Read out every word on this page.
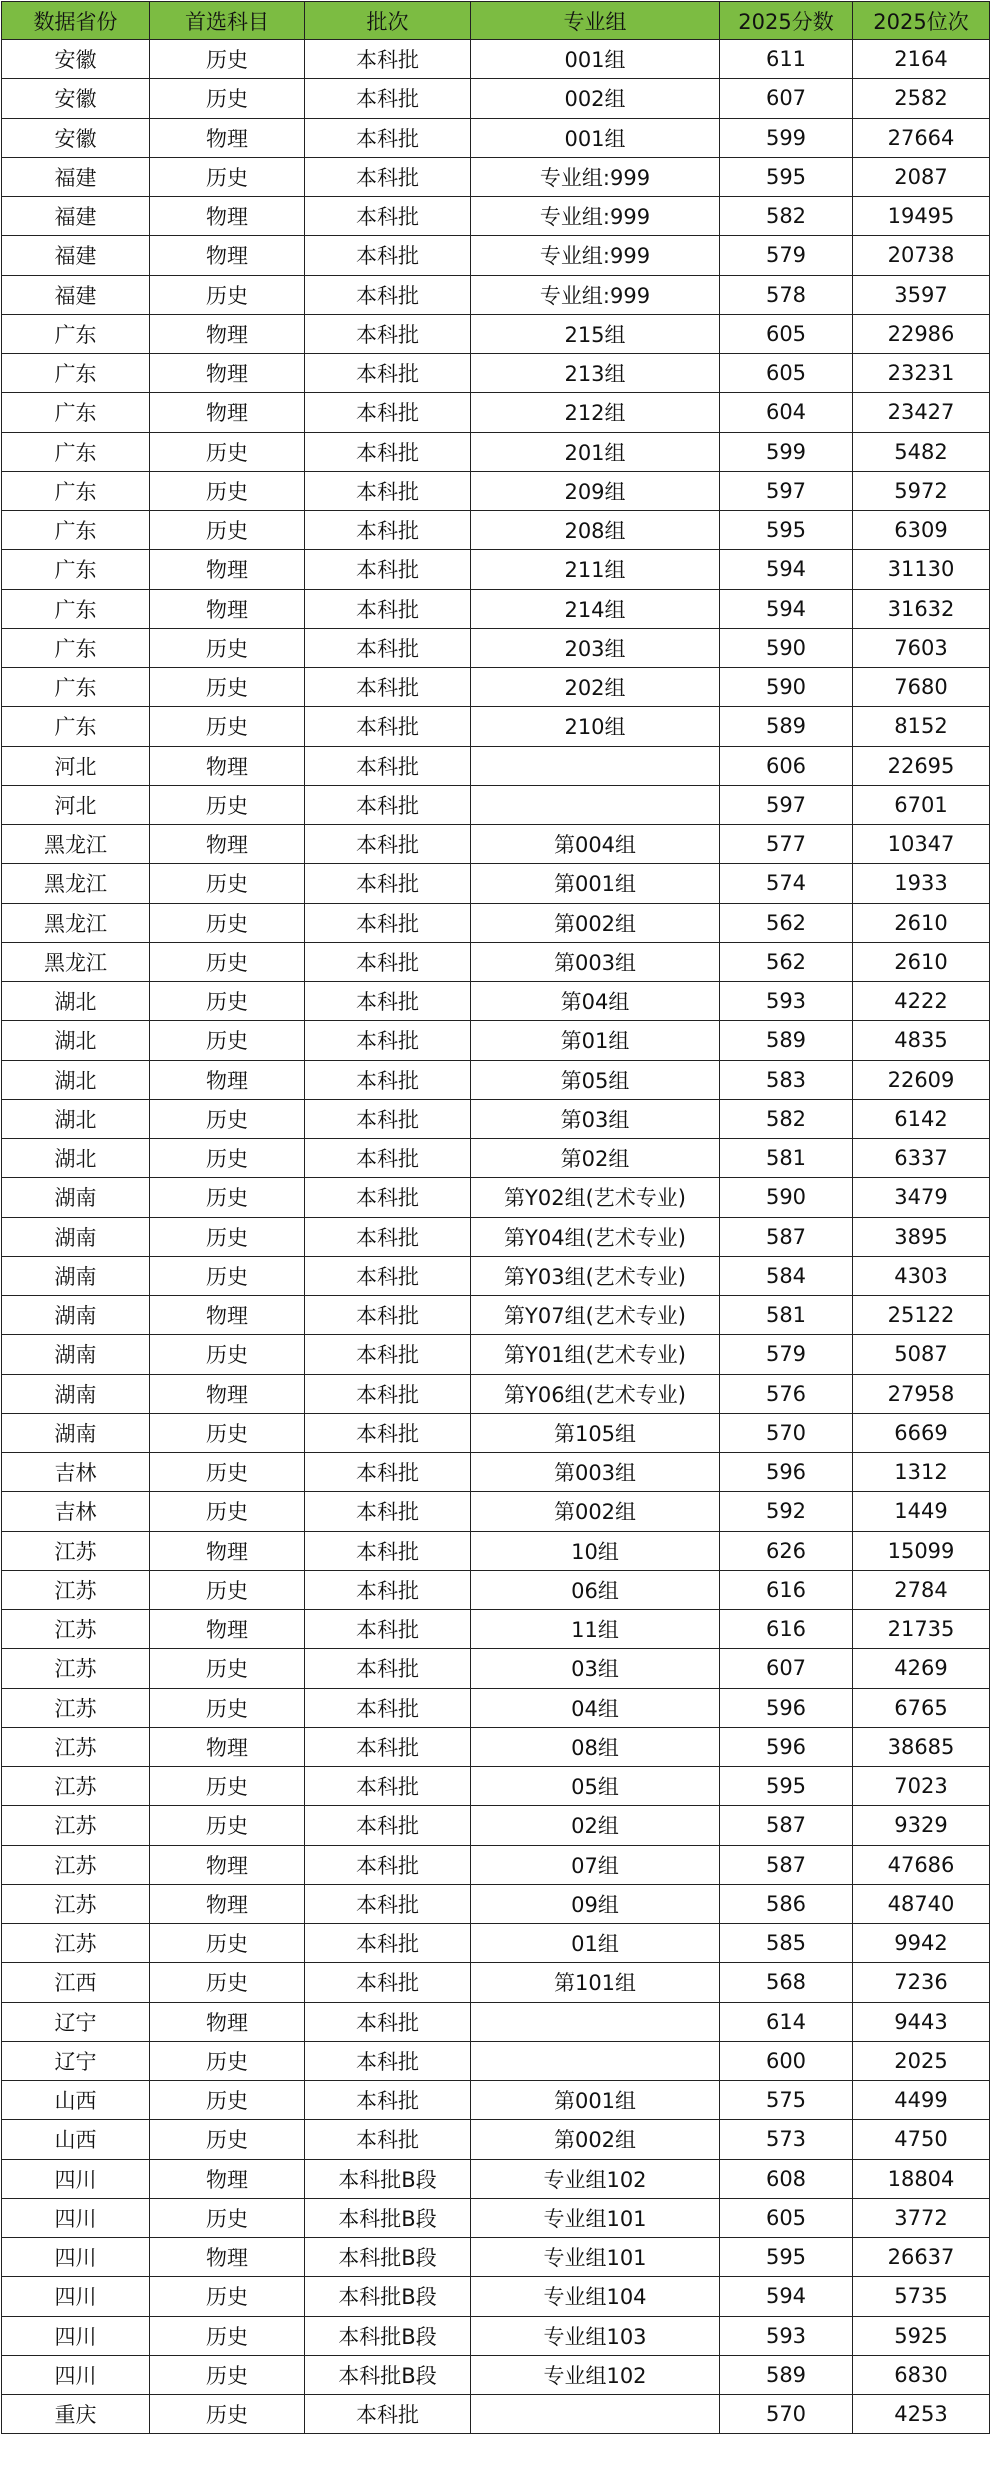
数据省份	首选科目	批次	专业组	2025分数	2025位次
安徽	历史	本科批	001组	611	2164
安徽	历史	本科批	002组	607	2582
安徽	物理	本科批	001组	599	27664
福建	历史	本科批	专业组:999	595	2087
福建	物理	本科批	专业组:999	582	19495
福建	物理	本科批	专业组:999	579	20738
福建	历史	本科批	专业组:999	578	3597
广东	物理	本科批	215组	605	22986
广东	物理	本科批	213组	605	23231
广东	物理	本科批	212组	604	23427
广东	历史	本科批	201组	599	5482
广东	历史	本科批	209组	597	5972
广东	历史	本科批	208组	595	6309
广东	物理	本科批	211组	594	31130
广东	物理	本科批	214组	594	31632
广东	历史	本科批	203组	590	7603
广东	历史	本科批	202组	590	7680
广东	历史	本科批	210组	589	8152
河北	物理	本科批		606	22695
河北	历史	本科批		597	6701
黑龙江	物理	本科批	第004组	577	10347
黑龙江	历史	本科批	第001组	574	1933
黑龙江	历史	本科批	第002组	562	2610
黑龙江	历史	本科批	第003组	562	2610
湖北	历史	本科批	第04组	593	4222
湖北	历史	本科批	第01组	589	4835
湖北	物理	本科批	第05组	583	22609
湖北	历史	本科批	第03组	582	6142
湖北	历史	本科批	第02组	581	6337
湖南	历史	本科批	第Y02组(艺术专业)	590	3479
湖南	历史	本科批	第Y04组(艺术专业)	587	3895
湖南	历史	本科批	第Y03组(艺术专业)	584	4303
湖南	物理	本科批	第Y07组(艺术专业)	581	25122
湖南	历史	本科批	第Y01组(艺术专业)	579	5087
湖南	物理	本科批	第Y06组(艺术专业)	576	27958
湖南	历史	本科批	第105组	570	6669
吉林	历史	本科批	第003组	596	1312
吉林	历史	本科批	第002组	592	1449
江苏	物理	本科批	10组	626	15099
江苏	历史	本科批	06组	616	2784
江苏	物理	本科批	11组	616	21735
江苏	历史	本科批	03组	607	4269
江苏	历史	本科批	04组	596	6765
江苏	物理	本科批	08组	596	38685
江苏	历史	本科批	05组	595	7023
江苏	历史	本科批	02组	587	9329
江苏	物理	本科批	07组	587	47686
江苏	物理	本科批	09组	586	48740
江苏	历史	本科批	01组	585	9942
江西	历史	本科批	第101组	568	7236
辽宁	物理	本科批		614	9443
辽宁	历史	本科批		600	2025
山西	历史	本科批	第001组	575	4499
山西	历史	本科批	第002组	573	4750
四川	物理	本科批B段	专业组102	608	18804
四川	历史	本科批B段	专业组101	605	3772
四川	物理	本科批B段	专业组101	595	26637
四川	历史	本科批B段	专业组104	594	5735
四川	历史	本科批B段	专业组103	593	5925
四川	历史	本科批B段	专业组102	589	6830
重庆	历史	本科批		570	4253
